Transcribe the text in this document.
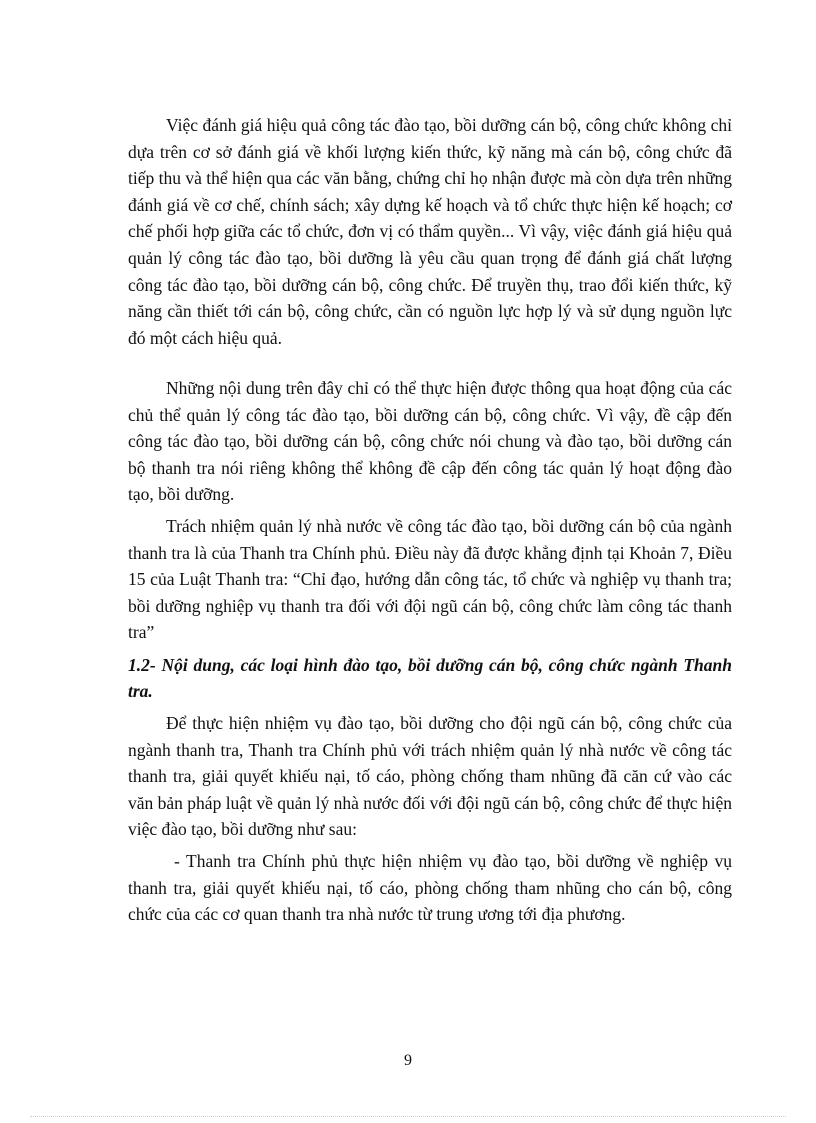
Việc đánh giá hiệu quả công tác đào tạo, bồi dưỡng cán bộ, công chức không chỉ dựa trên cơ sở đánh giá về khối lượng kiến thức, kỹ năng mà cán bộ, công chức đã tiếp thu và thể hiện qua các văn bằng, chứng chỉ họ nhận được mà còn dựa trên những đánh giá về cơ chế, chính sách; xây dựng kế hoạch và tổ chức thực hiện kế hoạch; cơ chế phối hợp giữa các tổ chức, đơn vị có thẩm quyền... Vì vậy, việc đánh giá hiệu quả quản lý công tác đào tạo, bồi dưỡng là yêu cầu quan trọng để đánh giá chất lượng công tác đào tạo, bồi dưỡng cán bộ, công chức. Để truyền thụ, trao đổi kiến thức, kỹ năng cần thiết tới cán bộ, công chức, cần có nguồn lực hợp lý và sử dụng nguồn lực đó một cách hiệu quả.

Những nội dung trên đây chỉ có thể thực hiện được thông qua hoạt động của các chủ thể quản lý công tác đào tạo, bồi dưỡng cán bộ, công chức. Vì vậy, đề cập đến công tác đào tạo, bồi dưỡng cán bộ, công chức nói chung và đào tạo, bồi dưỡng cán bộ thanh tra nói riêng không thể không đề cập đến công tác quản lý hoạt động đào tạo, bồi dưỡng.

Trách nhiệm quản lý nhà nước về công tác đào tạo, bồi dưỡng cán bộ của ngành thanh tra là của Thanh tra Chính phủ. Điều này đã được khẳng định tại Khoản 7, Điều 15 của Luật Thanh tra: “Chỉ đạo, hướng dẫn công tác, tổ chức và nghiệp vụ thanh tra; bồi dưỡng nghiệp vụ thanh tra đối với đội ngũ cán bộ, công chức làm công tác thanh tra”

1.2- Nội dung, các loại hình đào tạo, bồi dưỡng cán bộ, công chức ngành Thanh tra.

Để thực hiện nhiệm vụ đào tạo, bồi dưỡng cho đội ngũ cán bộ, công chức của ngành thanh tra, Thanh tra Chính phủ với trách nhiệm quản lý nhà nước về công tác thanh tra, giải quyết khiếu nại, tố cáo, phòng chống tham nhũng đã căn cứ vào các văn bản pháp luật về quản lý nhà nước đối với đội ngũ cán bộ, công chức để thực hiện việc đào tạo, bồi dưỡng như sau:

- Thanh tra Chính phủ thực hiện nhiệm vụ đào tạo, bồi dưỡng về nghiệp vụ thanh tra, giải quyết khiếu nại, tố cáo, phòng chống tham nhũng cho cán bộ, công chức của các cơ quan thanh tra nhà nước từ trung ương tới địa phương.

9
